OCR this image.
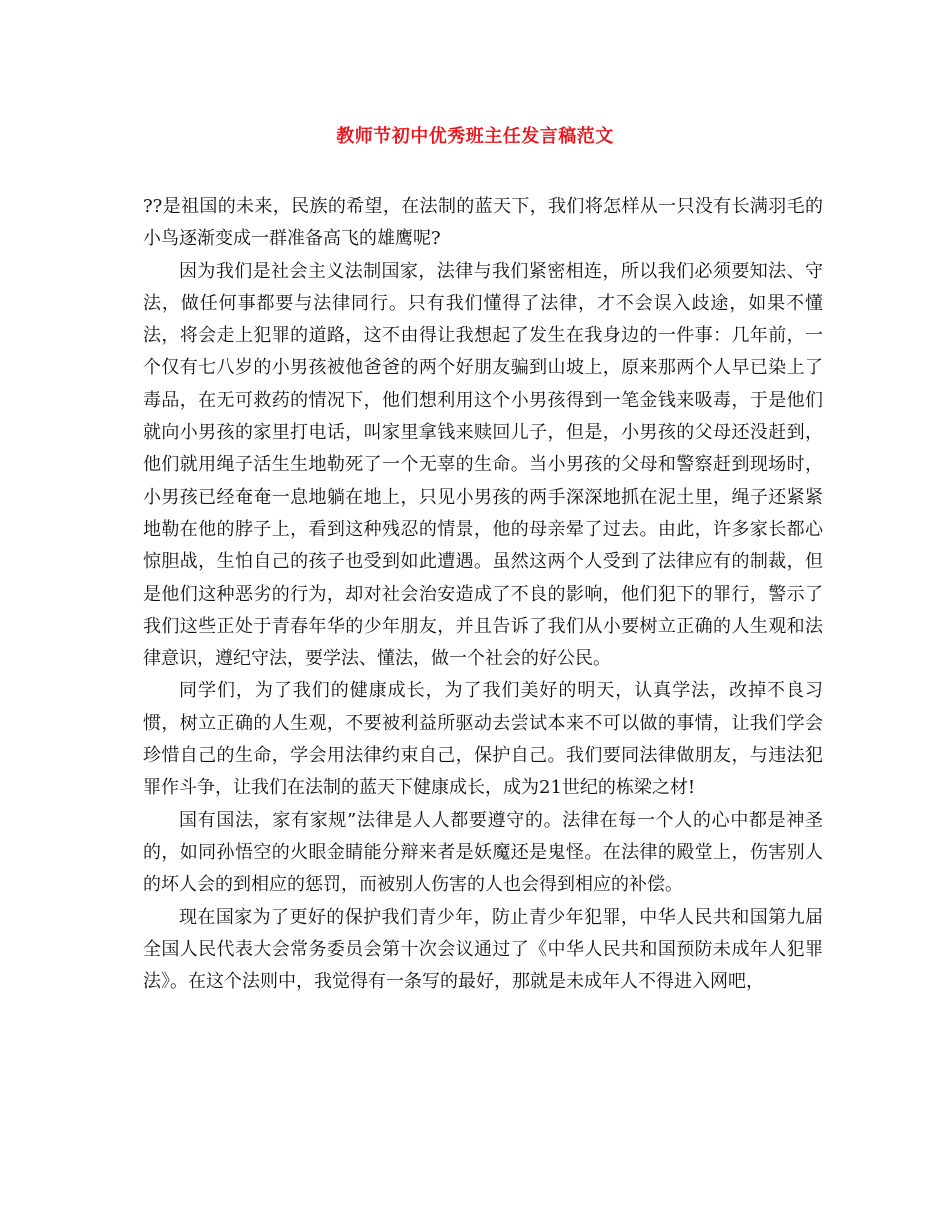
教师节初中优秀班主任发言稿范文

??是祖国的未来，民族的希望，在法制的蓝天下，我们将怎样从一只没有长满羽毛的小鸟逐渐变成一群准备高飞的雄鹰呢?

因为我们是社会主义法制国家，法律与我们紧密相连，所以我们必须要知法、守法，做任何事都要与法律同行。只有我们懂得了法律，才不会误入歧途，如果不懂法，将会走上犯罪的道路，这不由得让我想起了发生在我身边的一件事：几年前，一个仅有七八岁的小男孩被他爸爸的两个好朋友骗到山坡上，原来那两个人早已染上了毒品，在无可救药的情况下，他们想利用这个小男孩得到一笔金钱来吸毒，于是他们就向小男孩的家里打电话，叫家里拿钱来赎回儿子，但是，小男孩的父母还没赶到，他们就用绳子活生生地勒死了一个无辜的生命。当小男孩的父母和警察赶到现场时，小男孩已经奄奄一息地躺在地上，只见小男孩的两手深深地抓在泥土里，绳子还紧紧地勒在他的脖子上，看到这种残忍的情景，他的母亲晕了过去。由此，许多家长都心惊胆战，生怕自己的孩子也受到如此遭遇。虽然这两个人受到了法律应有的制裁，但是他们这种恶劣的行为，却对社会治安造成了不良的影响，他们犯下的罪行，警示了我们这些正处于青春年华的少年朋友，并且告诉了我们从小要树立正确的人生观和法律意识，遵纪守法，要学法、懂法，做一个社会的好公民。

同学们，为了我们的健康成长，为了我们美好的明天，认真学法，改掉不良习惯，树立正确的人生观，不要被利益所驱动去尝试本来不可以做的事情，让我们学会珍惜自己的生命，学会用法律约束自己，保护自己。我们要同法律做朋友，与违法犯罪作斗争，让我们在法制的蓝天下健康成长，成为21世纪的栋梁之材!

国有国法，家有家规”法律是人人都要遵守的。法律在每一个人的心中都是神圣的，如同孙悟空的火眼金睛能分辩来者是妖魔还是鬼怪。在法律的殿堂上，伤害别人的坏人会的到相应的惩罚，而被别人伤害的人也会得到相应的补偿。

现在国家为了更好的保护我们青少年，防止青少年犯罪，中华人民共和国第九届全国人民代表大会常务委员会第十次会议通过了《中华人民共和国预防未成年人犯罪法》。在这个法则中，我觉得有一条写的最好，那就是未成年人不得进入网吧，
